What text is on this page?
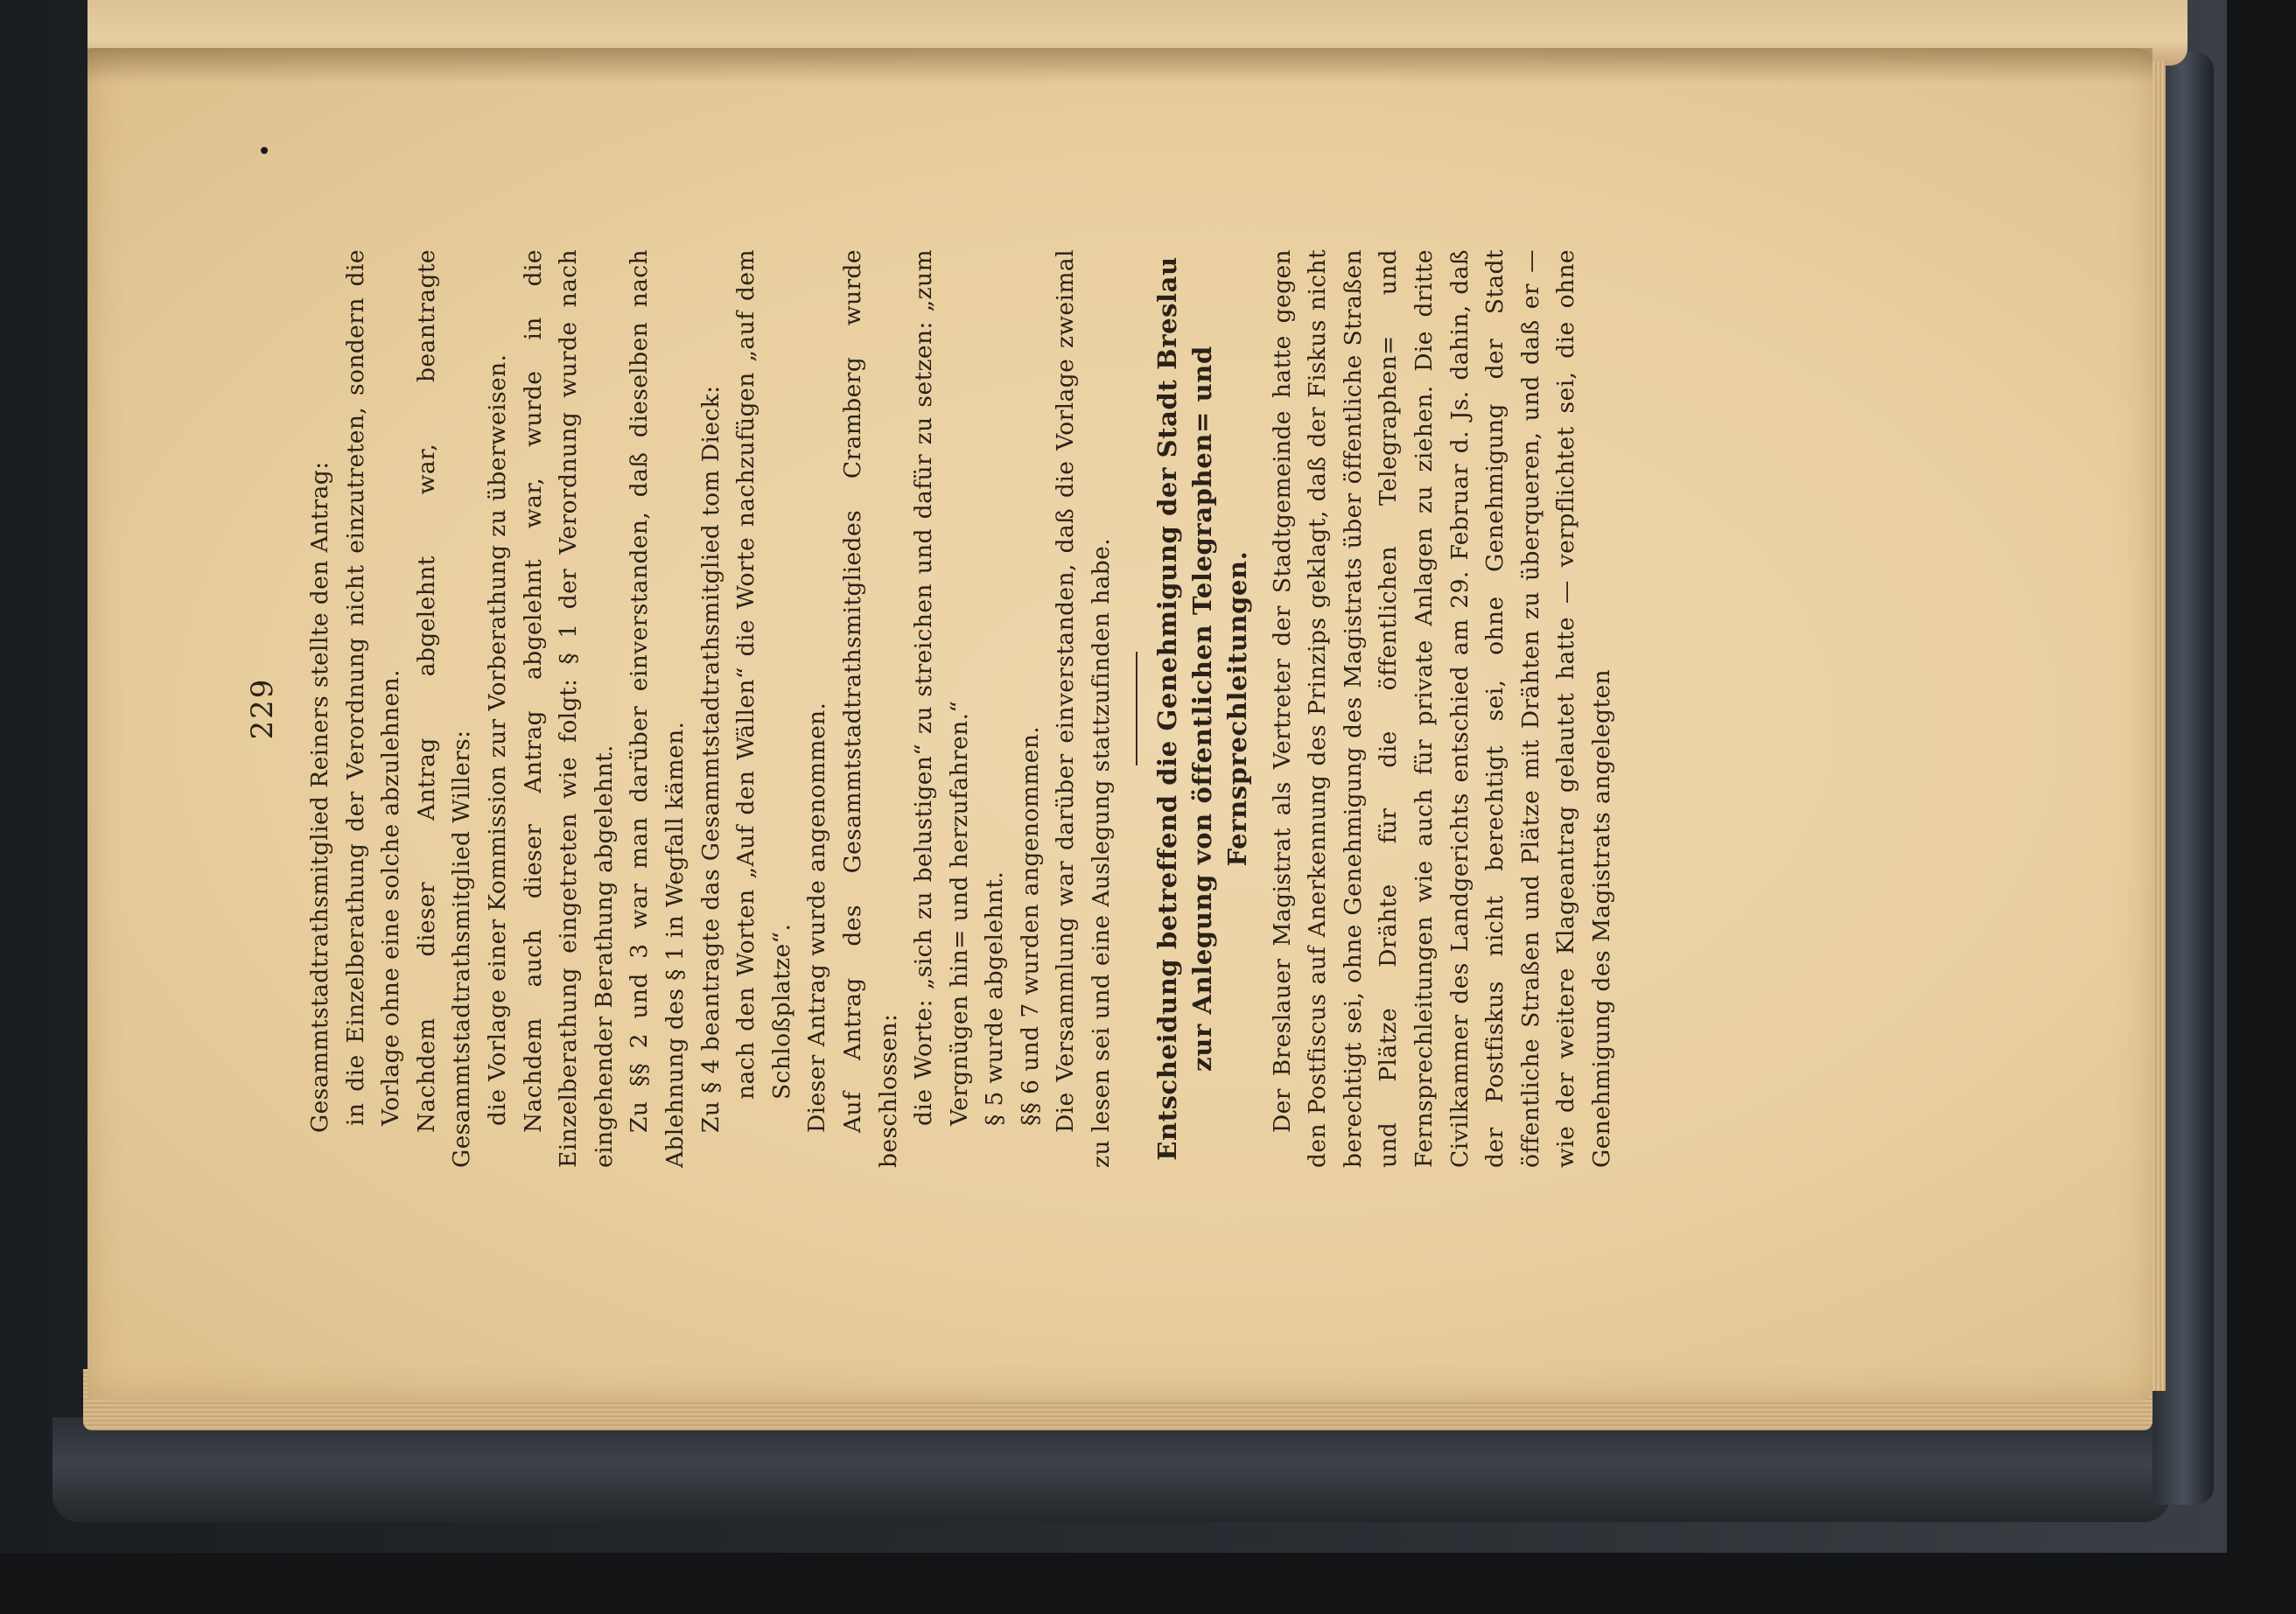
229 Gesammtstadtrathsmitglied Reiners stellte den Antrag: in die Einzelberathung der Verordnung nicht einzutreten, sondern die Vorlage ohne eine solche abzulehnen. Nachdem dieser Antrag abgelehnt war, beantragte Gesammtstadtrathsmitglied Willers: die Vorlage einer Kommission zur Vorberathung zu überweisen. Nachdem auch dieser Antrag abgelehnt war, wurde in die Einzelberathung eingetreten wie folgt: § 1 der Verordnung wurde nach eingehender Berathung abgelehnt. Zu §§ 2 und 3 war man darüber einverstanden, daß dieselben nach Ablehnung des § 1 in Wegfall kämen. Zu § 4 beantragte das Gesammtstadtrathsmitglied tom Dieck: nach den Worten „Auf den Wällen“ die Worte nachzufügen „auf dem Schloßplatze“. Dieser Antrag wurde angenommen. Auf Antrag des Gesammtstadtrathsmitgliedes Cramberg wurde beschlossen: die Worte: „sich zu belustigen“ zu streichen und dafür zu setzen: „zum Vergnügen hin= und herzufahren.“ § 5 wurde abgelehnt. §§ 6 und 7 wurden angenommen. Die Versammlung war darüber einverstanden, daß die Vorlage zweimal zu lesen sei und eine Auslegung stattzufinden habe. Entscheidung betreffend die Genehmigung der Stadt Breslau zur Anlegung von öffentlichen Telegraphen= und Fernsprechleitungen. Der Breslauer Magistrat als Vertreter der Stadtgemeinde hatte gegen den Postfiscus auf Anerkennung des Prinzips geklagt, daß der Fiskus nicht berechtigt sei, ohne Genehmigung des Magistrats über öffentliche Straßen und Plätze Drähte für die öffentlichen Telegraphen= und Fernsprechleitungen wie auch für private Anlagen zu ziehen. Die dritte Civilkammer des Landgerichts entschied am 29. Februar d. Js. dahin, daß der Postfiskus nicht berechtigt sei, ohne Genehmigung der Stadt öffentliche Straßen und Plätze mit Drähten zu überqueren, und daß er — wie der weitere Klageantrag gelautet hatte — verpflichtet sei, die ohne Genehmigung des Magistrats angelegten
